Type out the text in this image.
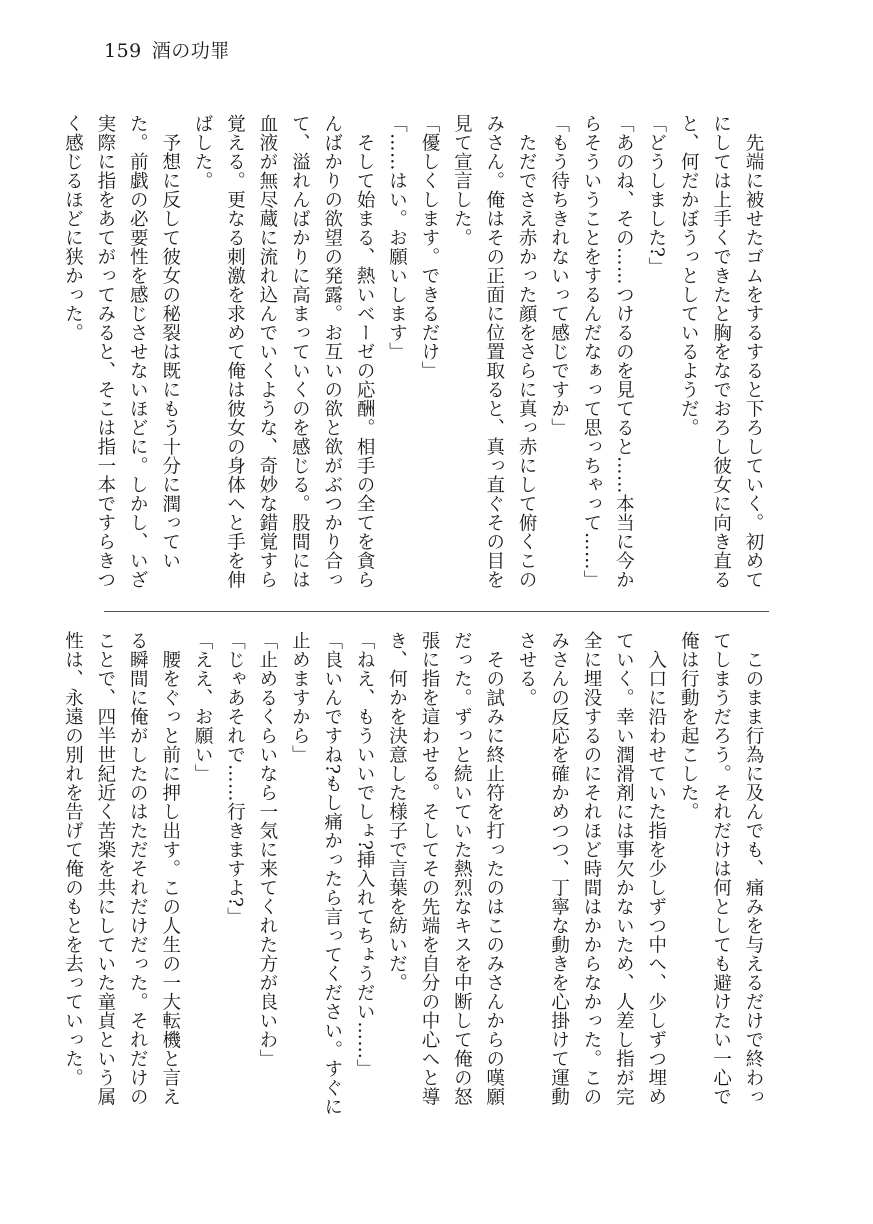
159 酒の功罪

先端に被せたゴムをするすると下ろしていく。初めてにしては上手くできたと胸をなでおろし彼女に向き直ると、何だかぼうっとしているようだ。

「どうしました?」

「あのね、その……つけるのを見てると……本当に今からそういうことをするんだなぁって思っちゃって……」

「もう待ちきれないって感じですか」

ただでさえ赤かった顔をさらに真っ赤にして俯くこのみさん。俺はその正面に位置取ると、真っ直ぐその目を見て宣言した。

「優しくします。できるだけ」

「……はい。お願いします」

そして始まる、熱いベーゼの応酬。相手の全てを貪らんばかりの欲望の発露。お互いの欲と欲がぶつかり合って、溢れんばかりに高まっていくのを感じる。股間には血液が無尽蔵に流れ込んでいくような、奇妙な錯覚すら覚える。更なる刺激を求めて俺は彼女の身体へと手を伸ばした。

予想に反して彼女の秘裂は既にもう十分に潤っていた。前戯の必要性を感じさせないほどに。しかし、いざ実際に指をあてがってみると、そこは指一本ですらきつく感じるほどに狭かった。

このまま行為に及んでも、痛みを与えるだけで終わってしまうだろう。それだけは何としても避けたい一心で俺は行動を起こした。

入口に沿わせていた指を少しずつ中へ、少しずつ埋めていく。幸い潤滑剤には事欠かないため、人差し指が完全に埋没するのにそれほど時間はかからなかった。このみさんの反応を確かめつつ、丁寧な動きを心掛けて運動させる。

その試みに終止符を打ったのはこのみさんからの嘆願だった。ずっと続いていた熱烈なキスを中断して俺の怒張に指を這わせる。そしてその先端を自分の中心へと導き、何かを決意した様子で言葉を紡いだ。

「ねえ、もういいでしょ?挿入れてちょうだい……」

「良いんですね?もし痛かったら言ってください。すぐに止めますから」

「止めるくらいなら一気に来てくれた方が良いわ」

「じゃあそれで……行きますよ?」

「ええ、お願い」

腰をぐっと前に押し出す。この人生の一大転機と言える瞬間に俺がしたのはただそれだけだった。それだけのことで、四半世紀近く苦楽を共にしていた童貞という属性は、永遠の別れを告げて俺のもとを去っていった。
